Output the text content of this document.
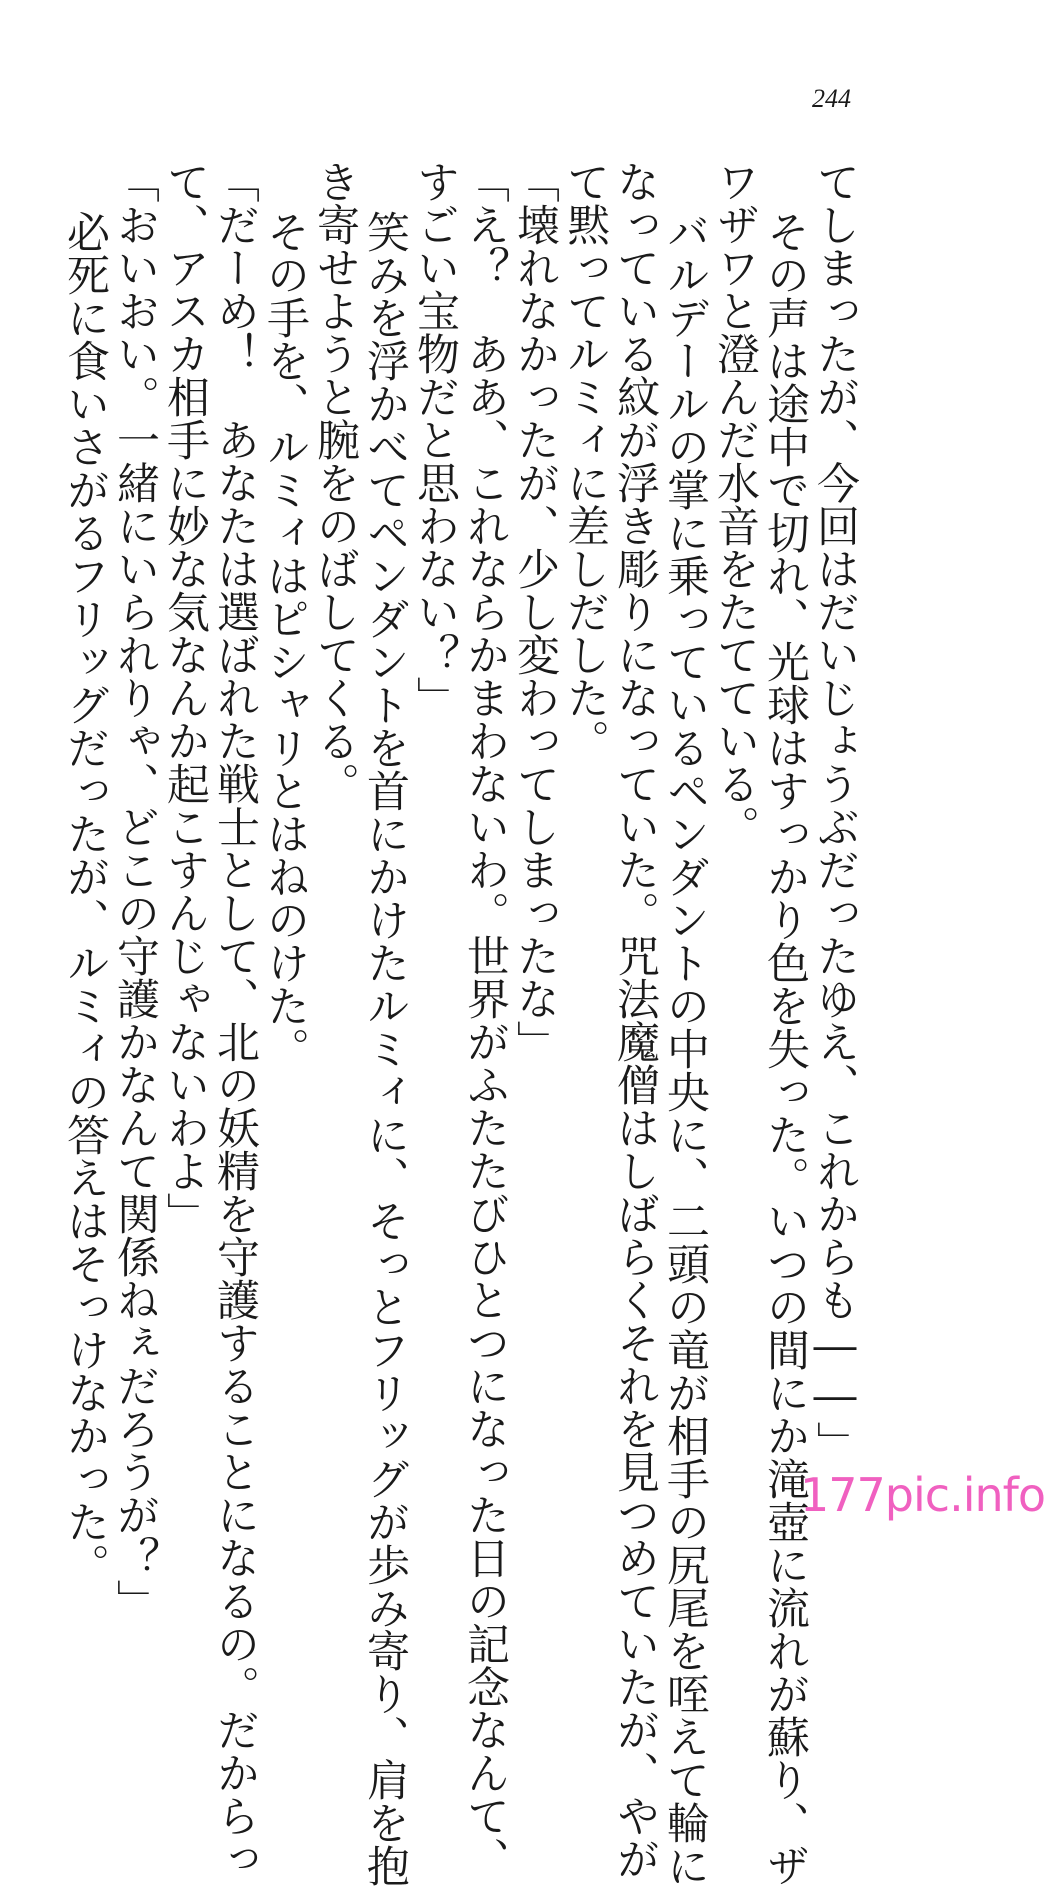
244
てしまったが、今回はだいじょうぶだったゆえ、これからも――」
その声は途中で切れ、光球はすっかり色を失った。いつの間にか滝壺に流れが蘇り、ザ
ワザワと澄んだ水音をたてている。
バルデールの掌に乗っているペンダントの中央に、二頭の竜が相手の尻尾を咥えて輪に
なっている紋が浮き彫りになっていた。咒法魔僧はしばらくそれを見つめていたが、やが
て黙ってルミィに差しだした。
「壊れなかったが、少し変わってしまったな」
「え？　ああ、これならかまわないわ。世界がふたたびひとつになった日の記念なんて、
すごい宝物だと思わない？」
笑みを浮かべてペンダントを首にかけたルミィに、そっとフリッグが歩み寄り、肩を抱
き寄せようと腕をのばしてくる。
その手を、ルミィはピシャリとはねのけた。
「だーめ！　あなたは選ばれた戦士として、北の妖精を守護することになるの。だからっ
て、アスカ相手に妙な気なんか起こすんじゃないわよ」
「おいおい。一緒にいられりゃ、どこの守護かなんて関係ねぇだろうが？」
必死に食いさがるフリッグだったが、ルミィの答えはそっけなかった。	177pic.info
